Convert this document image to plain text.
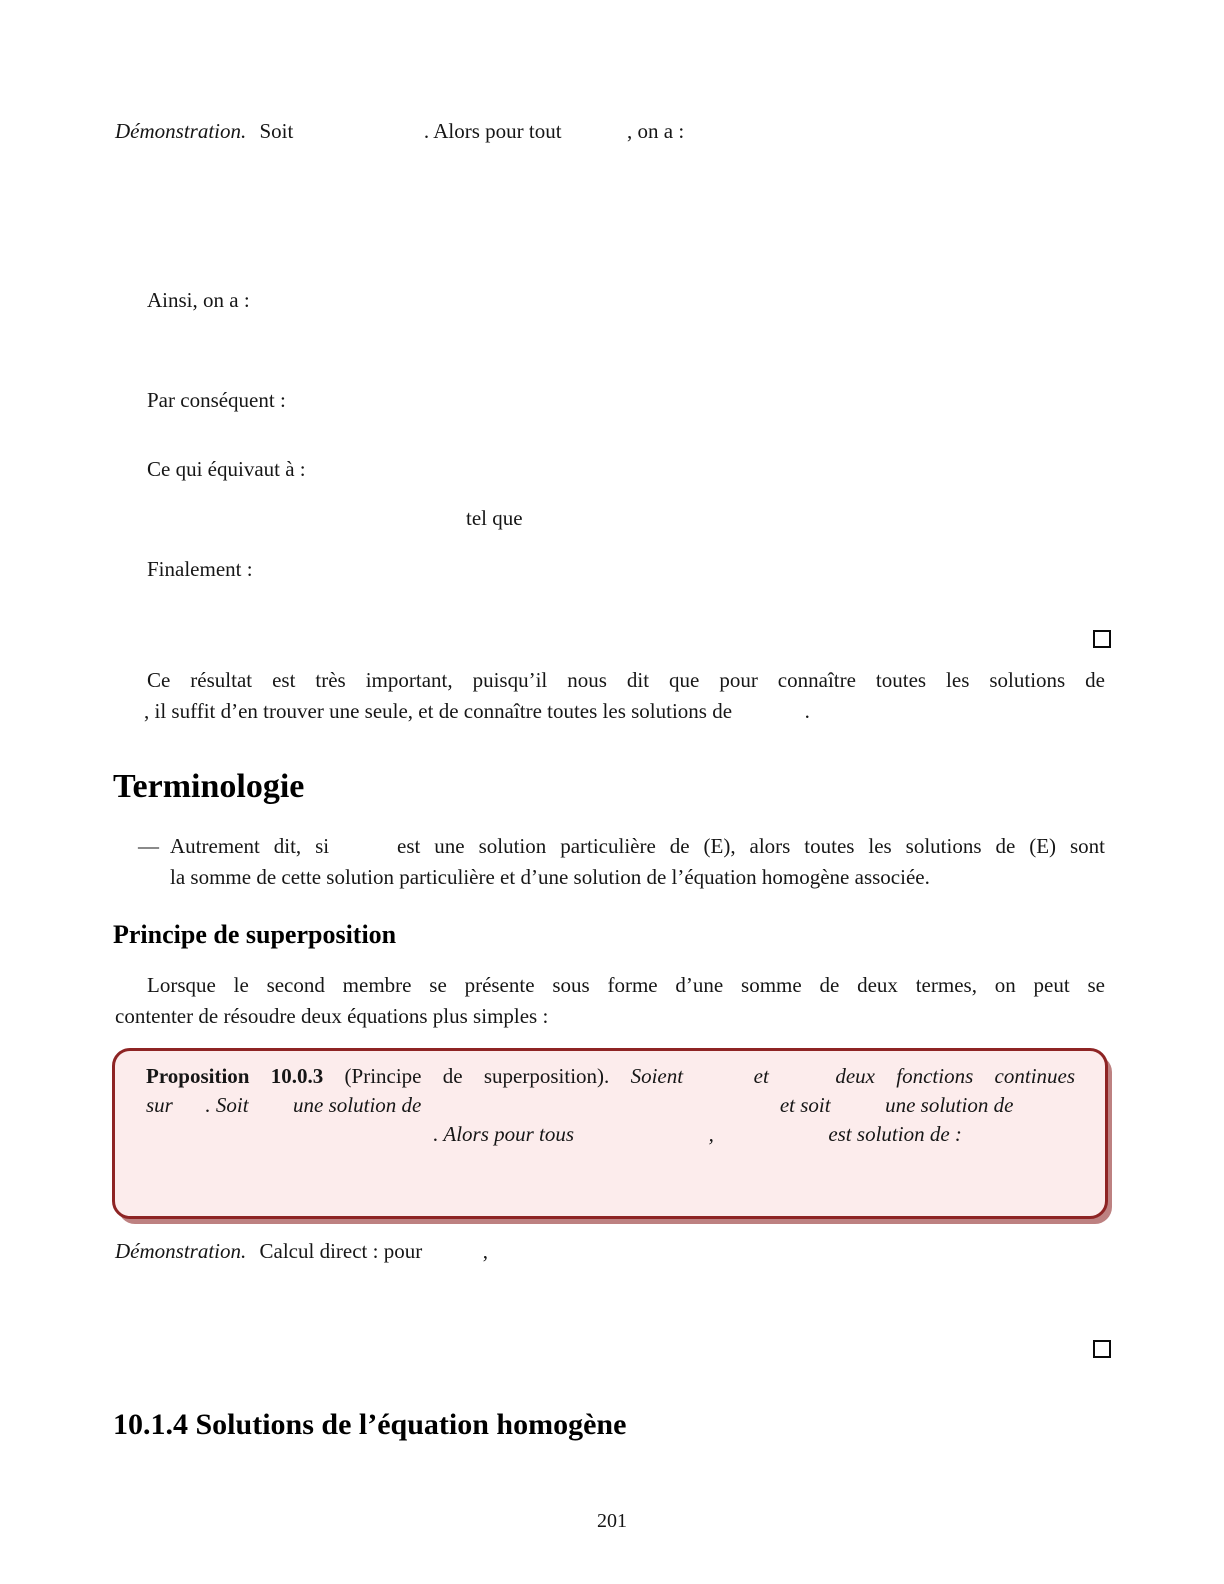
Démonstration. Soit	. Alors pour tout	, on a :
Ainsi, on a :
Par conséquent :
Ce qui équivaut à :
tel que
Finalement :
Ce résultat est très important, puisqu’il nous dit que pour connaître toutes les solutions de
, il suffit d’en trouver une seule, et de connaître toutes les solutions de	.
Terminologie
— Autrement dit, si	est une solution particulière de (E), alors toutes les solutions de (E) sont
la somme de cette solution particulière et d’une solution de l’équation homogène associée.
Principe de superposition
Lorsque le second membre se présente sous forme d’une somme de deux termes, on peut se
contenter de résoudre deux équations plus simples :
Proposition 10.0.3 (Principe de superposition). Soient	et	deux fonctions continues
sur . Soit une solution de	et soit	une solution de
. Alors pour tous	,	est solution de :
Démonstration. Calcul direct : pour	,
10.1.4 Solutions de l’équation homogène
201
